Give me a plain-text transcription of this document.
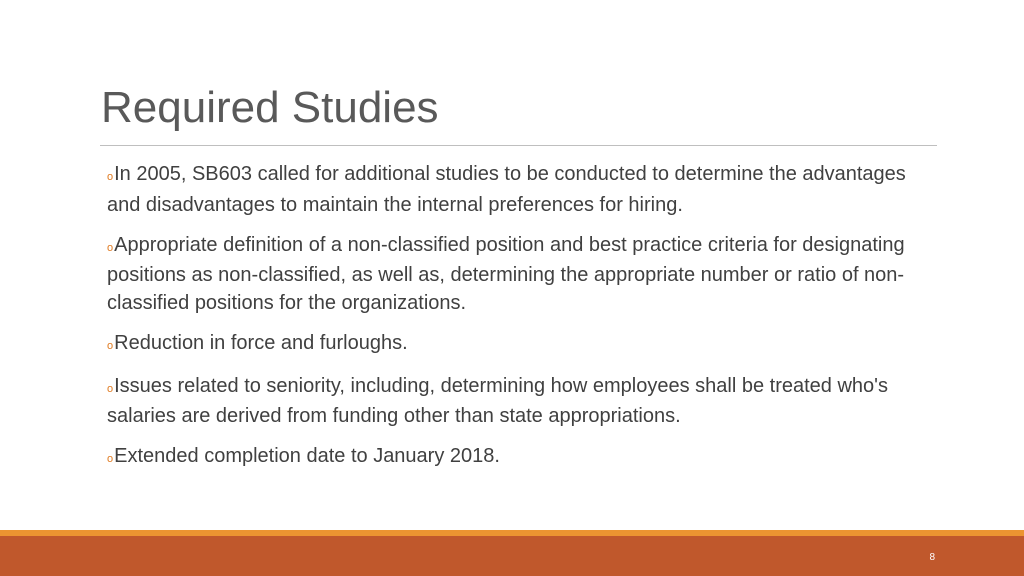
Required Studies
oIn 2005, SB603 called for additional studies to be conducted to determine the advantages and disadvantages to maintain the internal preferences for hiring.
oAppropriate definition of a non-classified position and best practice criteria for designating positions as non-classified, as well as, determining the appropriate number or ratio of non-classified positions for the organizations.
oReduction in force and furloughs.
oIssues related to seniority, including, determining how employees shall be treated who's salaries are derived from funding other than state appropriations.
oExtended completion date to January 2018.
8
